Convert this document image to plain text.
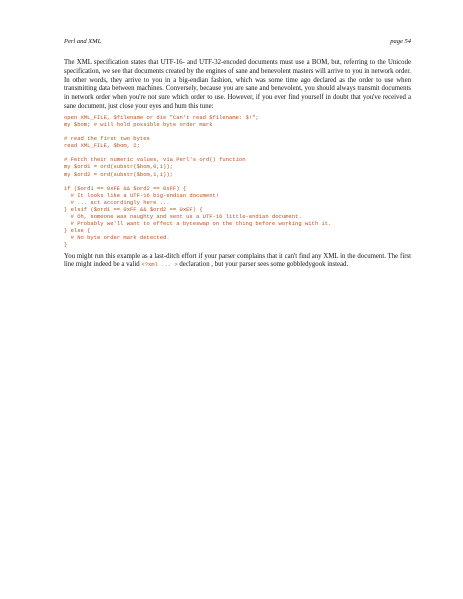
Perl and XML	page 54

The XML specification states that UTF-16- and UTF-32-encoded documents must use a BOM, but, referring to the Unicode specification, we see that documents created by the engines of sane and benevolent masters will arrive to you in network order. In other words, they arrive to you in a big-endian fashion, which was some time ago declared as the order to use when transmitting data between machines. Conversely, because you are sane and benevolent, you should always transmit documents in network order when you're not sure which order to use. However, if you ever find yourself in doubt that you've received a sane document, just close your eyes and hum this tune:

open XML_FILE, $filename or die "Can't read $filename: $!";
my $bom; # will hold possible byte order mark
# read the first two bytes
read XML_FILE, $bom, 2;
# Fetch their numeric values, via Perl's ord() function
my $ord1 = ord(substr($bom,0,1));
my $ord2 = ord(substr($bom,1,1));
if ($ord1 == 0xFE && $ord2 == 0xFF) {
# It looks like a UTF-16 big-endian document!
# ... act accordingly here ...
} elsif ($ord1 == 0xFF && $ord2 == 0xEF) {
# Oh, someone was naughty and sent us a UTF-16 little-endian document.
# Probably we'll want to effect a byteswap on the thing before working with it.
} else {
# No byte order mark detected.
}

You might run this example as a last-ditch effort if your parser complains that it can't find any XML in the document. The first line might indeed be a valid <?xml ... > declaration , but your parser sees some gobbledygook instead.
